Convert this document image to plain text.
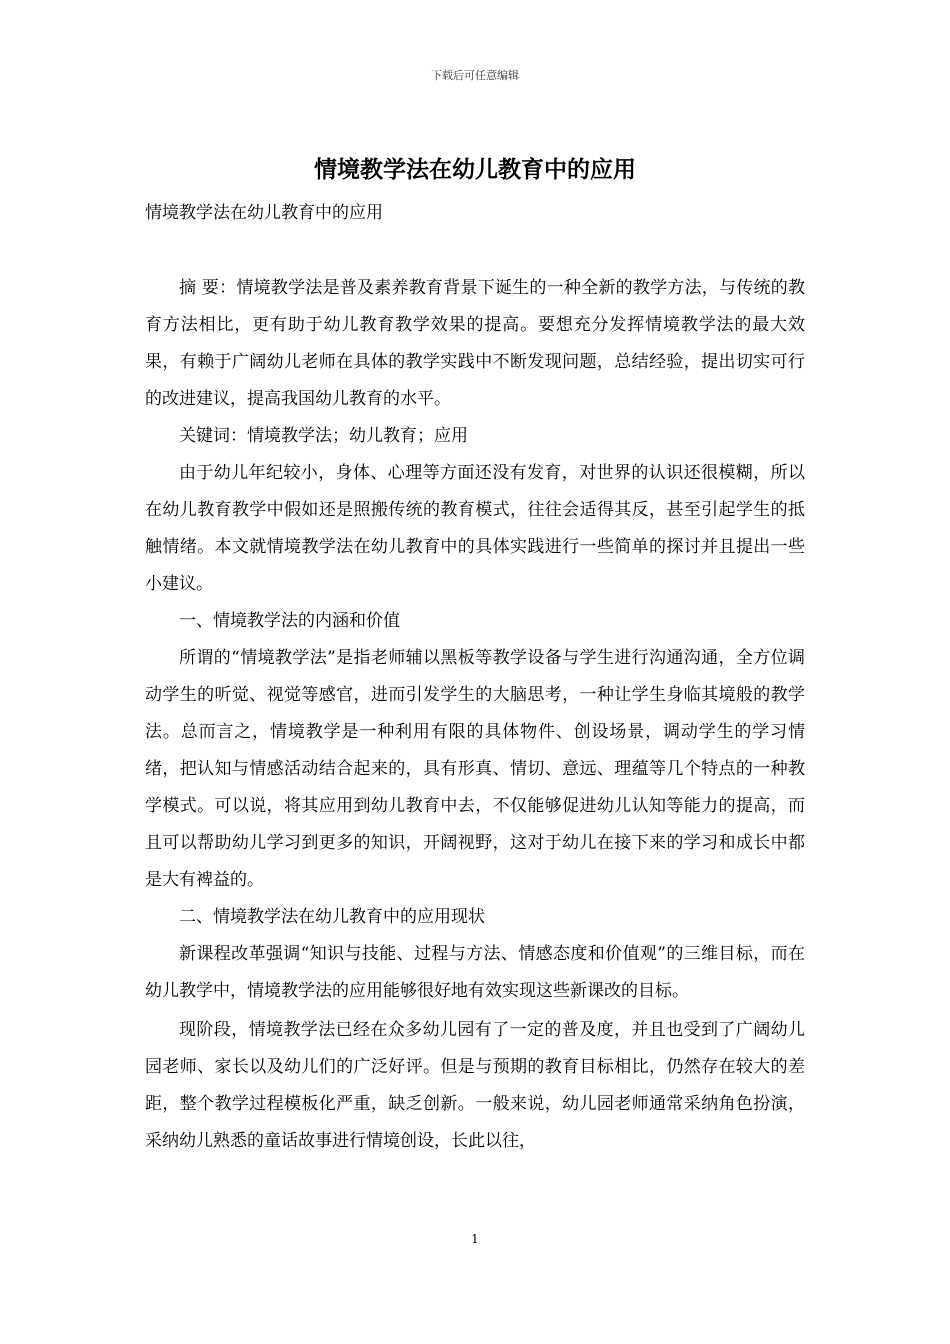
下载后可任意编辑
情境教学法在幼儿教育中的应用
情境教学法在幼儿教育中的应用

摘 要：情境教学法是普及素养教育背景下诞生的一种全新的教学方法，与传统的教育方法相比，更有助于幼儿教育教学效果的提高。要想充分发挥情境教学法的最大效果，有赖于广阔幼儿老师在具体的教学实践中不断发现问题，总结经验，提出切实可行的改进建议，提高我国幼儿教育的水平。

关键词：情境教学法；幼儿教育；应用

由于幼儿年纪较小，身体、心理等方面还没有发育，对世界的认识还很模糊，所以在幼儿教育教学中假如还是照搬传统的教育模式，往往会适得其反，甚至引起学生的抵触情绪。本文就情境教学法在幼儿教育中的具体实践进行一些简单的探讨并且提出一些小建议。

一、情境教学法的内涵和价值

所谓的“情境教学法”是指老师辅以黑板等教学设备与学生进行沟通沟通，全方位调动学生的听觉、视觉等感官，进而引发学生的大脑思考，一种让学生身临其境般的教学法。总而言之，情境教学是一种利用有限的具体物件、创设场景，调动学生的学习情绪，把认知与情感活动结合起来的，具有形真、情切、意远、理蕴等几个特点的一种教学模式。可以说，将其应用到幼儿教育中去，不仅能够促进幼儿认知等能力的提高，而且可以帮助幼儿学习到更多的知识，开阔视野，这对于幼儿在接下来的学习和成长中都是大有裨益的。

二、情境教学法在幼儿教育中的应用现状

新课程改革强调“知识与技能、过程与方法、情感态度和价值观”的三维目标，而在幼儿教学中，情境教学法的应用能够很好地有效实现这些新课改的目标。

现阶段，情境教学法已经在众多幼儿园有了一定的普及度，并且也受到了广阔幼儿园老师、家长以及幼儿们的广泛好评。但是与预期的教育目标相比，仍然存在较大的差距，整个教学过程模板化严重，缺乏创新。一般来说，幼儿园老师通常采纳角色扮演，采纳幼儿熟悉的童话故事进行情境创设，长此以往，

1
